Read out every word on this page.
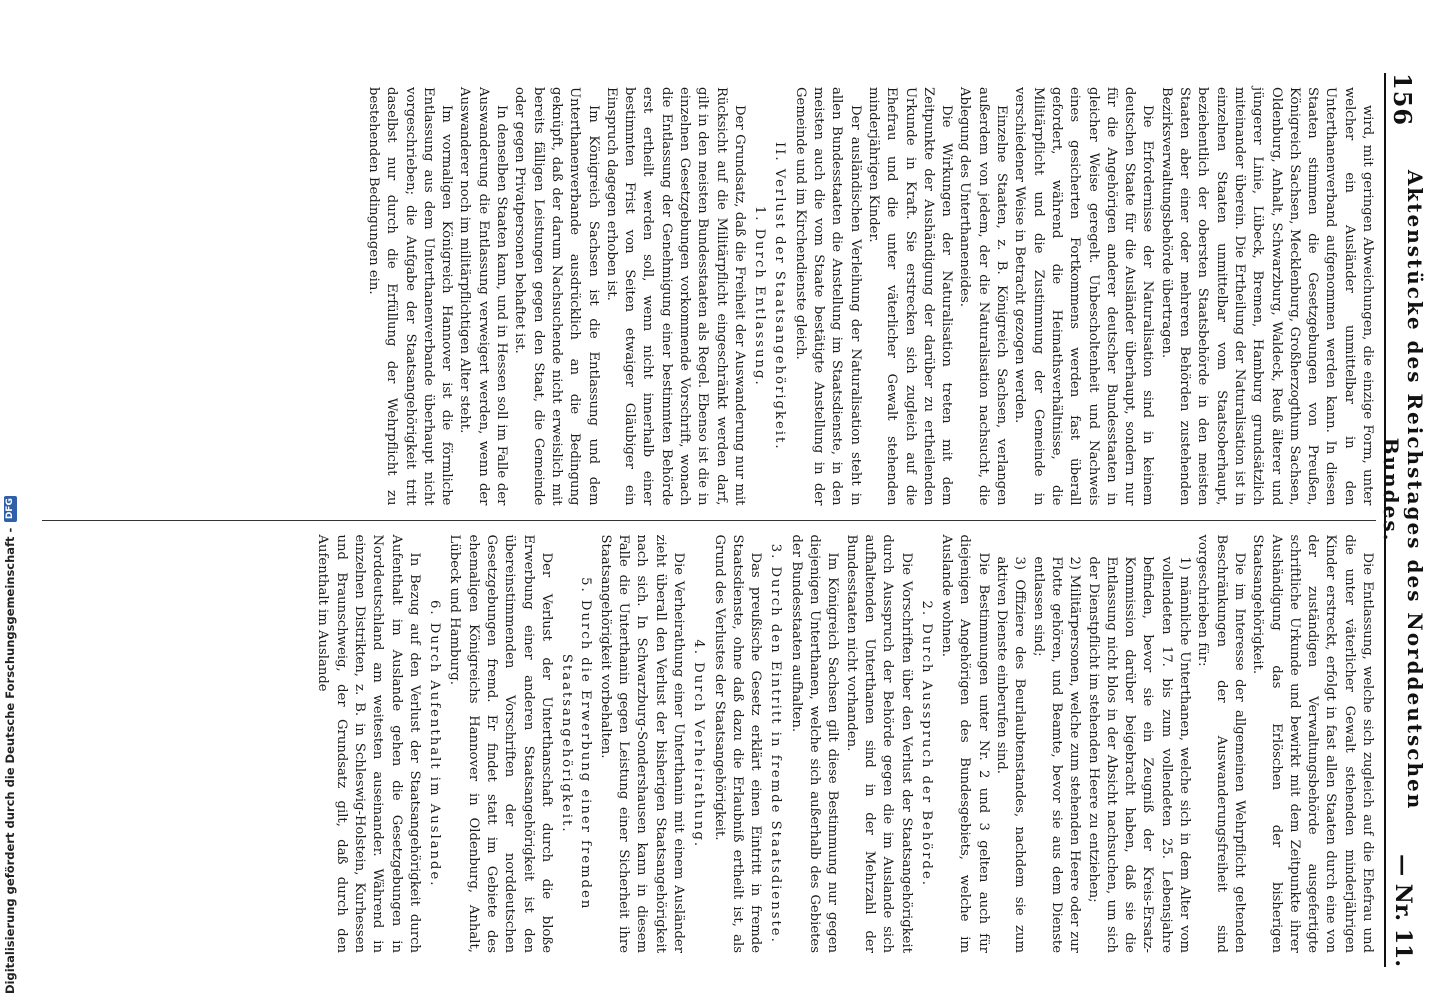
156
Aktenstücke des Reichstages des Norddeutschen Bundes.
— Nr. 11.

wird, mit geringen Abweichungen, die einzige Form, unter welcher ein Ausländer unmittelbar in den Unterthanenverband aufgenommen werden kann. In diesen Staaten stimmen die Gesetzgebungen von Preußen, Königreich Sachsen, Mecklenburg, Großherzogthum Sachsen, Oldenburg, Anhalt, Schwarzburg, Waldeck, Reuß älterer und jüngerer Linie, Lübeck, Bremen, Hamburg grundsätzlich miteinander überein. Die Ertheilung der Naturalisation ist in einzelnen Staaten unmittelbar vom Staatsoberhaupt, beziehentlich der obersten Staatsbehörde in den meisten Staaten aber einer oder mehreren Behörden zustehenden Bezirksverwaltungsbehörde übertragen.

Die Erfordernisse der Naturalisation sind in keinem deutschen Staate für die Ausländer überhaupt, sondern nur für die Angehörigen anderer deutscher Bundesstaaten in gleicher Weise geregelt. Unbescholtenheit und Nachweis eines gesicherten Fortkommens werden fast überall gefordert, während die Heimathsverhältnisse, die Militärpflicht und die Zustimmung der Gemeinde in verschiedener Weise in Betracht gezogen werden.

Einzelne Staaten, z. B. Königreich Sachsen, verlangen außerdem von jedem, der die Naturalisation nachsucht, die Ablegung des Unterthaneneides.

Die Wirkungen der Naturalisation treten mit dem Zeitpunkte der Aushändigung der darüber zu ertheilenden Urkunde in Kraft. Sie erstrecken sich zugleich auf die Ehefrau und die unter väterlicher Gewalt stehenden minderjährigen Kinder.

Der ausländischen Verleihung der Naturalisation steht in allen Bundesstaaten die Anstellung im Staatsdienste, in den meisten auch die vom Staate bestätigte Anstellung in der Gemeinde und im Kirchendienste gleich.

II. Verlust der Staatsangehörigkeit.

1. Durch Entlassung.

Der Grundsatz, daß die Freiheit der Auswanderung nur mit Rücksicht auf die Militärpflicht eingeschränkt werden darf, gilt in den meisten Bundesstaaten als Regel. Ebenso ist die in einzelnen Gesetzgebungen vorkommende Vorschrift, wonach die Entlassung der Genehmigung einer bestimmten Behörde erst ertheilt werden soll, wenn nicht innerhalb einer bestimmten Frist von Seiten etwaiger Gläubiger ein Einspruch dagegen erhoben ist.

Im Königreich Sachsen ist die Entlassung und dem Unterthanenverbande ausdrücklich an die Bedingung geknüpft, daß der darum Nachsuchende nicht erweislich mit bereits fälligen Leistungen gegen den Staat, die Gemeinde oder gegen Privatpersonen behaftet ist.

In denselben Staaten kann, und in Hessen soll im Falle der Auswanderung die Entlassung verweigert werden, wenn der Auswanderer noch im militärpflichtigen Alter steht.

Im vormaligen Königreich Hannover ist die förmliche Entlassung aus dem Unterthanenverbande überhaupt nicht vorgeschrieben; die Aufgabe der Staatsangehörigkeit tritt daselbst nur durch die Erfüllung der Wehrpflicht zu bestehenden Bedingungen ein.

Die Entlassung, welche sich zugleich auf die Ehefrau und die unter väterlicher Gewalt stehenden minderjährigen Kinder erstreckt, erfolgt in fast allen Staaten durch eine von der zuständigen Verwaltungsbehörde ausgefertigte schriftliche Urkunde und bewirkt mit dem Zeitpunkte ihrer Aushändigung das Erlöschen der bisherigen Staatsangehörigkeit.

Die im Interesse der allgemeinen Wehrpflicht geltenden Beschränkungen der Auswanderungsfreiheit sind vorgeschrieben für:

1) männliche Unterthanen, welche sich in dem Alter vom vollendeten 17. bis zum vollendeten 25. Lebensjahre befinden, bevor sie ein Zeugniß der Kreis-Ersatz-Kommission darüber beigebracht haben, daß sie die Entlassung nicht blos in der Absicht nachsuchen, um sich der Dienstpflicht im stehenden Heere zu entziehen;

2) Militärpersonen, welche zum stehenden Heere oder zur Flotte gehören, und Beamte, bevor sie aus dem Dienste entlassen sind;

3) Offiziere des Beurlaubtenstandes, nachdem sie zum aktiven Dienste einberufen sind.

Die Bestimmungen unter Nr. 2 und 3 gelten auch für diejenigen Angehörigen des Bundesgebiets, welche im Auslande wohnen.

2. Durch Ausspruch der Behörde.

Die Vorschriften über den Verlust der Staatsangehörigkeit durch Ausspruch der Behörde gegen die im Auslande sich aufhaltenden Unterthanen sind in der Mehrzahl der Bundesstaaten nicht vorhanden.

Im Königreich Sachsen gilt diese Bestimmung nur gegen diejenigen Unterthanen, welche sich außerhalb des Gebietes der Bundesstaaten aufhalten.

3. Durch den Eintritt in fremde Staatsdienste.

Das preußische Gesetz erklärt einen Eintritt in fremde Staatsdienste, ohne daß dazu die Erlaubniß ertheilt ist, als Grund des Verlustes der Staatsangehörigkeit.

4. Durch Verheirathung.

Die Verheirathung einer Unterthanin mit einem Ausländer zieht überall den Verlust der bisherigen Staatsangehörigkeit nach sich. In Schwarzburg-Sondershausen kann in diesem Falle die Unterthanin gegen Leistung einer Sicherheit ihre Staatsangehörigkeit vorbehalten.

5. Durch die Erwerbung einer fremden Staatsangehörigkeit.

Der Verlust der Unterthanschaft durch die bloße Erwerbung einer anderen Staatsangehörigkeit ist den übereinstimmenden Vorschriften der norddeutschen Gesetzgebungen fremd. Er findet statt im Gebiete des ehemaligen Königreichs Hannover in Oldenburg, Anhalt, Lübeck und Hamburg.

6. Durch Aufenthalt im Auslande.

In Bezug auf den Verlust der Staatsangehörigkeit durch Aufenthalt im Auslande gehen die Gesetzgebungen in Norddeutschland am weitesten auseinander. Während in einzelnen Distrikten, z. B. in Schleswig-Holstein, Kurhessen und Braunschweig, der Grundsatz gilt, daß durch den Aufenthalt im Auslande

Digitalisierung gefördert durch die Deutsche Forschungsgemeinschaft -
DFG
